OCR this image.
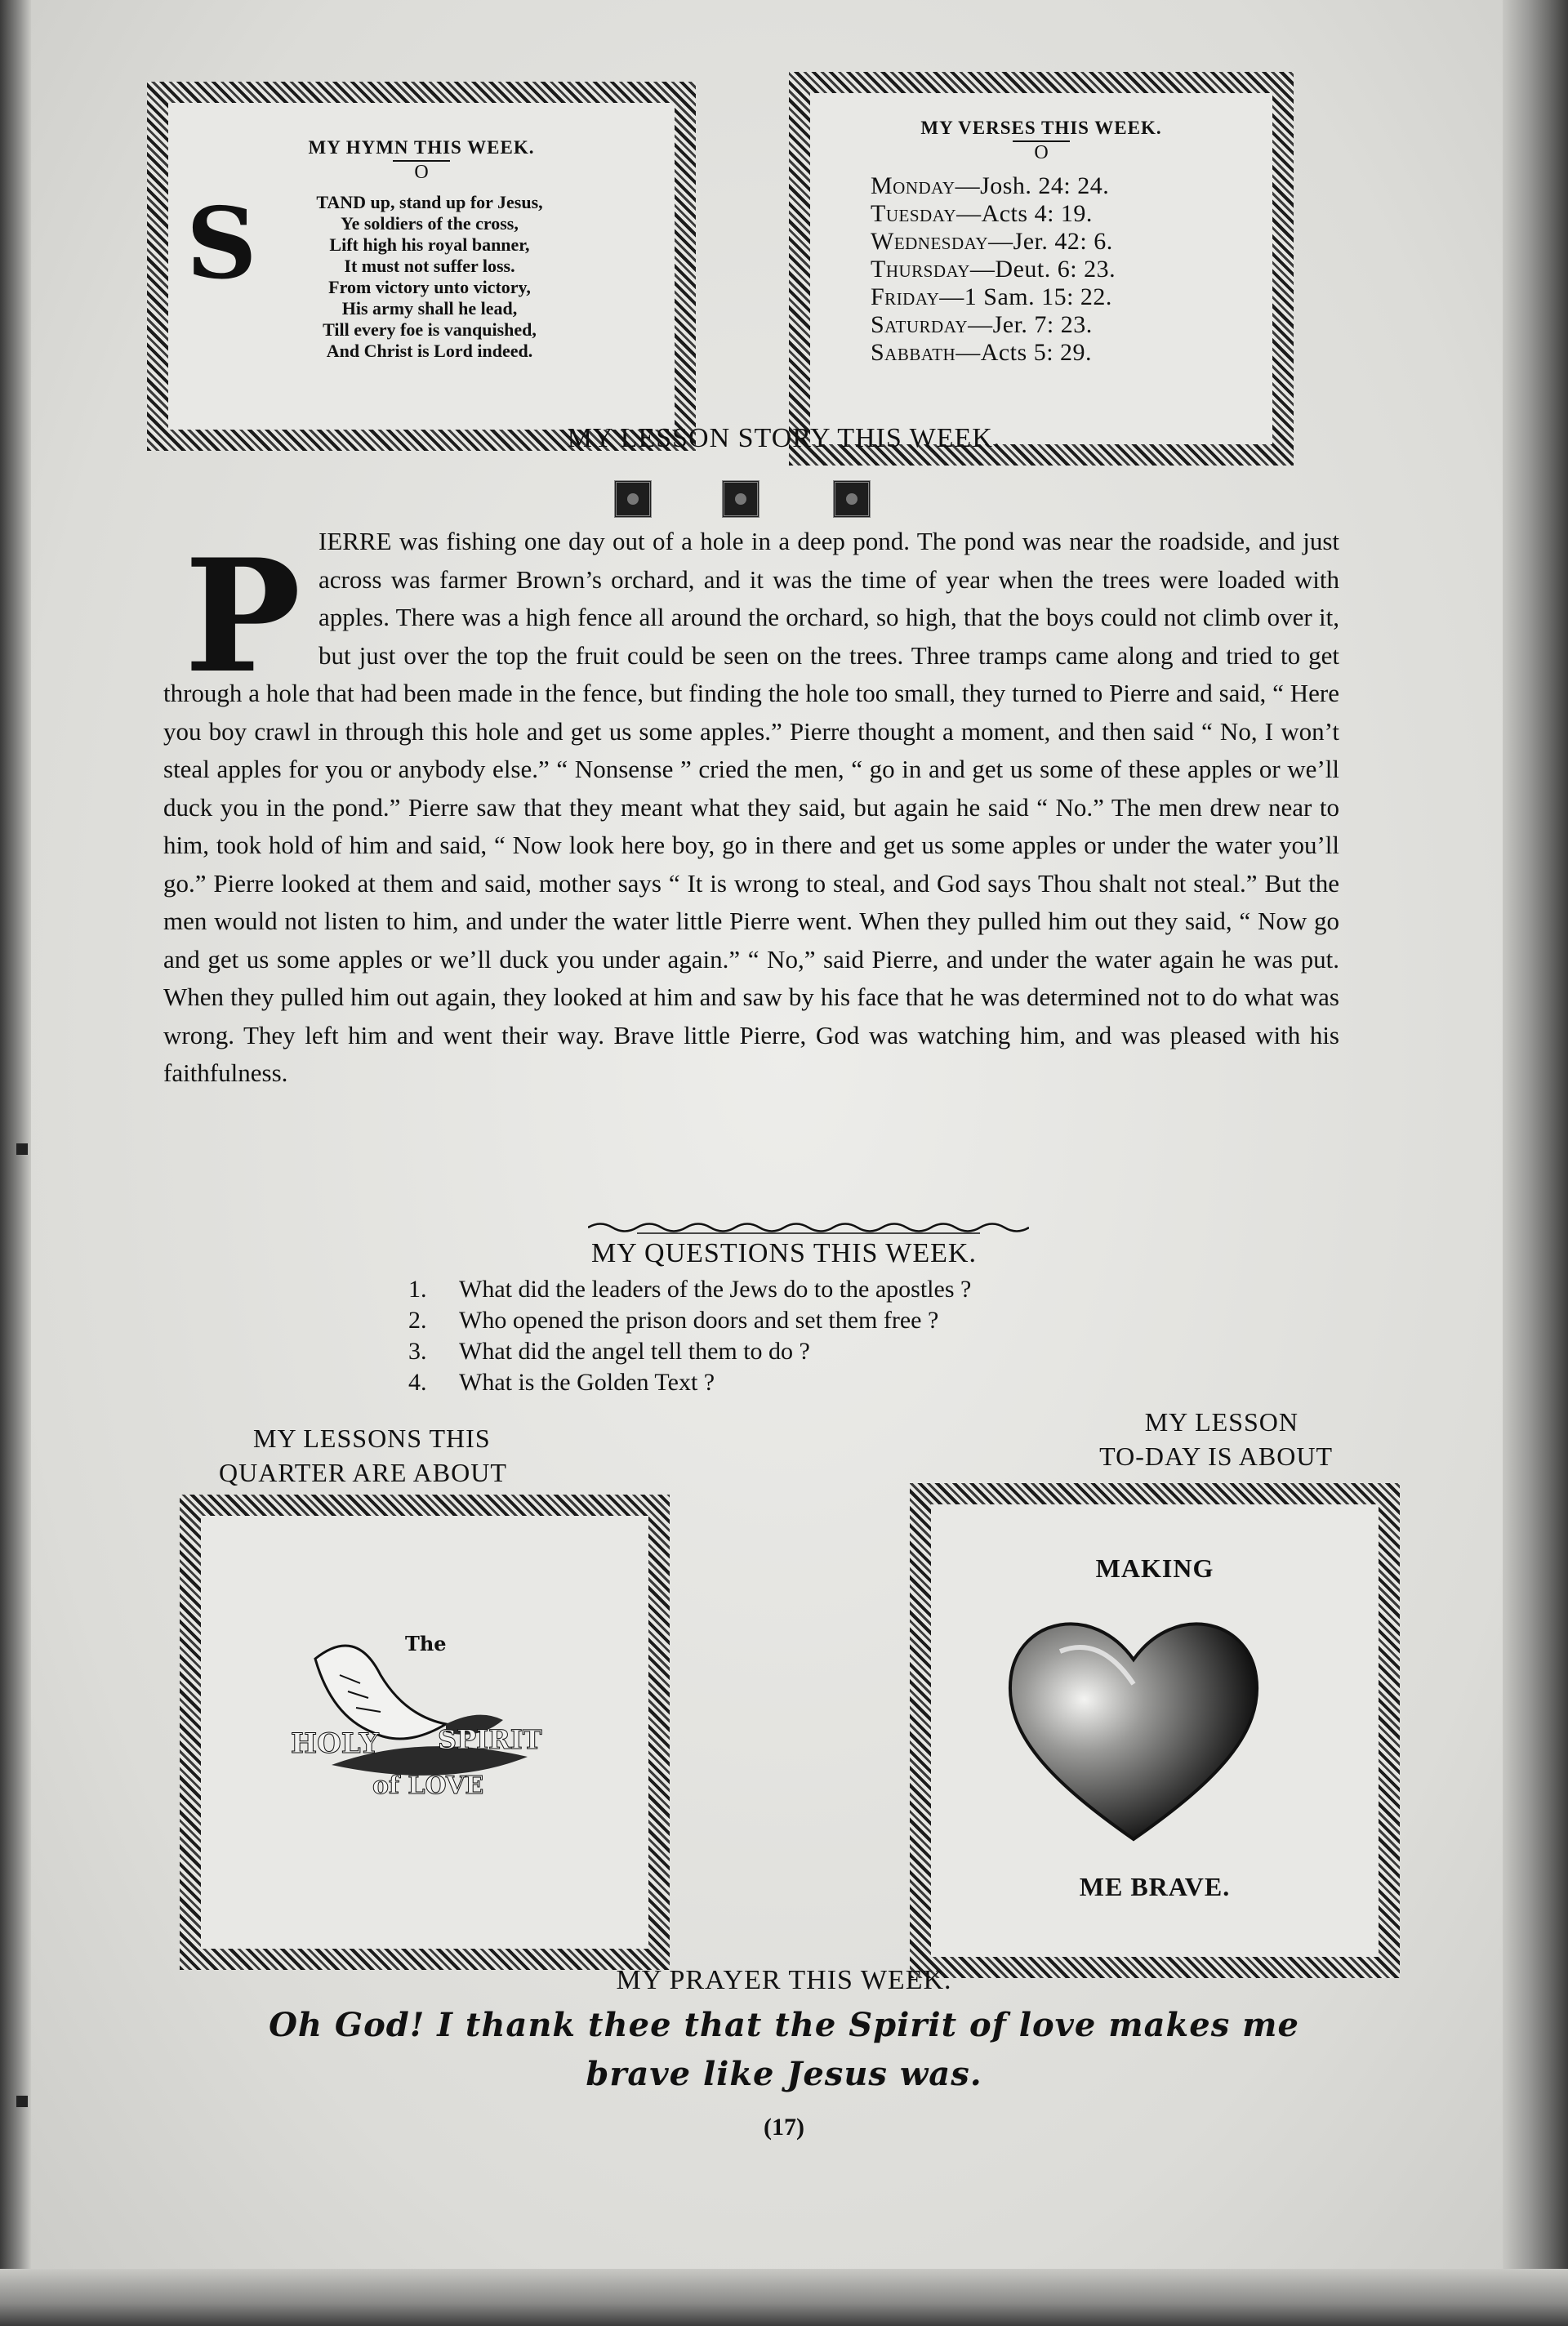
MY HYMN THIS WEEK.
O
S	TAND up, stand up for Jesus,
Ye soldiers of the cross,
Lift high his royal banner,
It must not suffer loss.
From victory unto victory,
His army shall he lead,
Till every foe is vanquished,
And Christ is Lord indeed.
MY VERSES THIS WEEK.
O
Monday—Josh. 24: 24.
Tuesday—Acts 4: 19.
Wednesday—Jer. 42: 6.
Thursday—Deut. 6: 23.
Friday—1 Sam. 15: 22.
Saturday—Jer. 7: 23.
Sabbath—Acts 5: 29.
MY LESSON STORY THIS WEEK.
P IERRE was fishing one day out of a hole in a deep pond. The pond was near the roadside, and just across was farmer Brown’s orchard, and it was the time of year when the trees were loaded with apples. There was a high fence all around the orchard, so high, that the boys could not climb over it, but just over the top the fruit could be seen on the trees. Three tramps came along and tried to get through a hole that had been made in the fence, but finding the hole too small, they turned to Pierre and said, “ Here you boy crawl in through this hole and get us some apples.” Pierre thought a moment, and then said “ No, I won’t steal apples for you or anybody else.” “ Nonsense ” cried the men, “ go in and get us some of these apples or we’ll duck you in the pond.” Pierre saw that they meant what they said, but again he said “ No.” The men drew near to him, took hold of him and said, “ Now look here boy, go in there and get us some apples or under the water you’ll go.” Pierre looked at them and said, mother says “ It is wrong to steal, and God says Thou shalt not steal.” But the men would not listen to him, and under the water little Pierre went. When they pulled him out they said, “ Now go and get us some apples or we’ll duck you under again.” “ No,” said Pierre, and under the water again he was put. When they pulled him out again, they looked at him and saw by his face that he was determined not to do what was wrong. They left him and went their way. Brave little Pierre, God was watching him, and was pleased with his faithfulness.
MY QUESTIONS THIS WEEK.
1.	What did the leaders of the Jews do to the apostles ?
2.	Who opened the prison doors and set them free ?
3.	What did the angel tell them to do ?
4.	What is the Golden Text ?
MY LESSONS THIS
QUARTER ARE ABOUT
The
HOLY SPIRIT
of LOVE
MY LESSON
TO-DAY IS ABOUT
MAKING
ME BRAVE.
MY PRAYER THIS WEEK.
Oh God! I thank thee that the Spirit of love makes me
brave like Jesus was.
(17)
